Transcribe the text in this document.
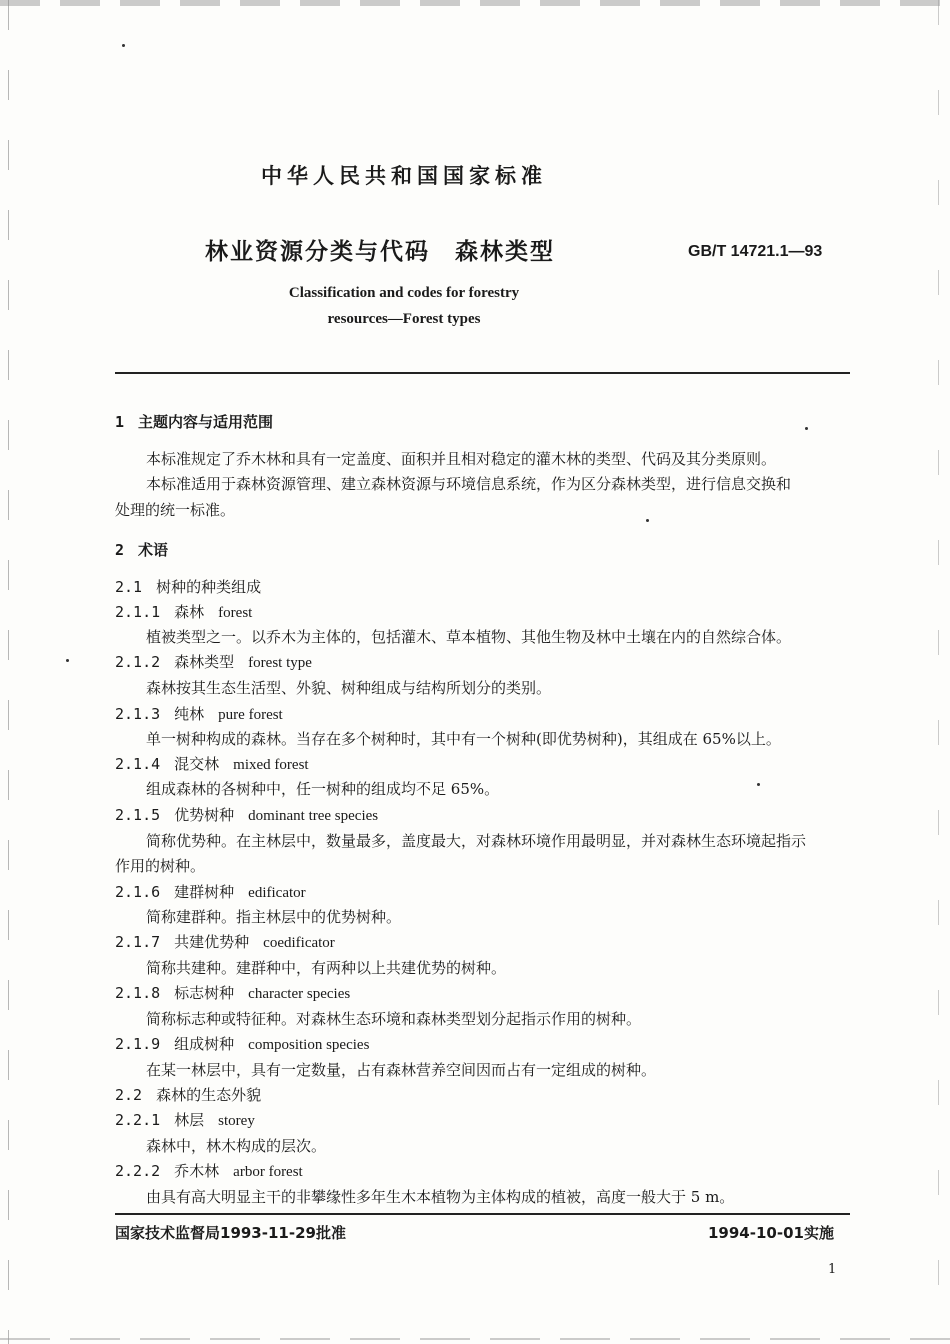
中华人民共和国国家标准
林业资源分类与代码　森林类型	GB/T 14721.1—93
Classification and codes for forestry
resources—Forest types
1 主题内容与适用范围
本标准规定了乔木林和具有一定盖度、面积并且相对稳定的灌木林的类型、代码及其分类原则。
本标准适用于森林资源管理、建立森林资源与环境信息系统，作为区分森林类型，进行信息交换和
处理的统一标准。
2 术语
2.1 树种的种类组成
2.1.1 森林 forest
植被类型之一。以乔木为主体的，包括灌木、草本植物、其他生物及林中土壤在内的自然综合体。
2.1.2 森林类型 forest type
森林按其生态生活型、外貌、树种组成与结构所划分的类别。
2.1.3 纯林 pure forest
单一树种构成的森林。当存在多个树种时，其中有一个树种(即优势树种)，其组成在 65%以上。
2.1.4 混交林 mixed forest
组成森林的各树种中，任一树种的组成均不足 65%。
2.1.5 优势树种 dominant tree species
简称优势种。在主林层中，数量最多，盖度最大，对森林环境作用最明显，并对森林生态环境起指示
作用的树种。
2.1.6 建群树种 edificator
简称建群种。指主林层中的优势树种。
2.1.7 共建优势种 coedificator
简称共建种。建群种中，有两种以上共建优势的树种。
2.1.8 标志树种 character species
简称标志种或特征种。对森林生态环境和森林类型划分起指示作用的树种。
2.1.9 组成树种 composition species
在某一林层中，具有一定数量，占有森林营养空间因而占有一定组成的树种。
2.2 森林的生态外貌
2.2.1 林层 storey
森林中，林木构成的层次。
2.2.2 乔木林 arbor forest
由具有高大明显主干的非攀缘性多年生木本植物为主体构成的植被，高度一般大于 5 m。
国家技术监督局1993-11-29批准	1994-10-01实施
1
